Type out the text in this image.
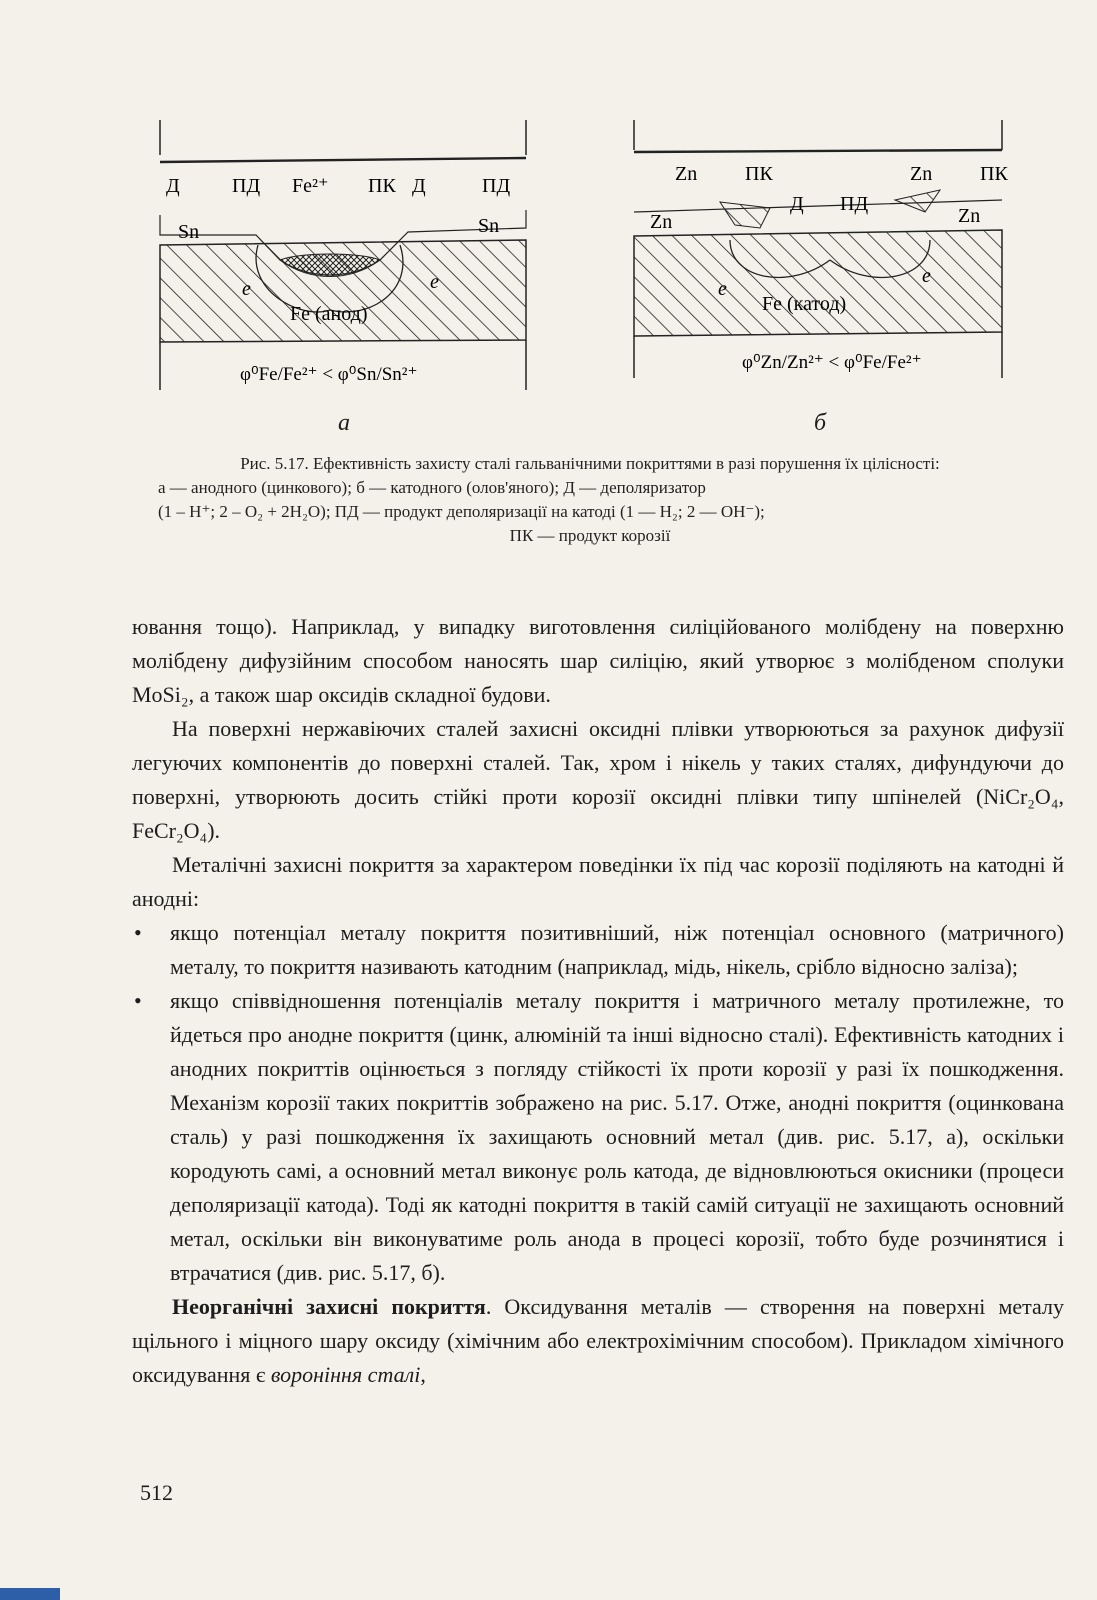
Д	ПД Fe²⁺ ПК Д	ПД
Sn	Sn
Fe (анод)
e	e
φ⁰Fe/Fe²⁺ < φ⁰Sn/Sn²⁺
Zn ПК	Zn ПК
Д ПД
Zn	Zn
Fe (катод)
e
e
φ⁰Zn/Zn²⁺ < φ⁰Fe/Fe²⁺
а	б
Рис. 5.17. Ефективність захисту сталі гальванічними покриттями в разі порушення їх цілісності:
а — анодного (цинкового); б — катодного (олов'яного); Д — деполяризатор
(1 – H⁺; 2 – O₂ + 2H₂O); ПД — продукт деполяризації на катоді (1 — H₂; 2 — OH⁻);
ПК — продукт корозії

ювання тощо). Наприклад, у випадку виготовлення силіційованого молібдену на поверхню молібдену дифузійним способом наносять шар силіцію, який утворює з молібденом сполуки MoSi₂, а також шар оксидів складної будови.

На поверхні нержавіючих сталей захисні оксидні плівки утворюються за рахунок дифузії легуючих компонентів до поверхні сталей. Так, хром і нікель у таких сталях, дифундуючи до поверхні, утворюють досить стійкі проти корозії оксидні плівки типу шпінелей (NiCr₂O₄, FeCr₂O₄).

Металічні захисні покриття за характером поведінки їх під час корозії поділяють на катодні й анодні:

• якщо потенціал металу покриття позитивніший, ніж потенціал основного (матричного) металу, то покриття називають катодним (наприклад, мідь, нікель, срібло відносно заліза);
• якщо співвідношення потенціалів металу покриття і матричного металу протилежне, то йдеться про анодне покриття (цинк, алюміній та інші відносно сталі). Ефективність катодних і анодних покриттів оцінюється з погляду стійкості їх проти корозії у разі їх пошкодження. Механізм корозії таких покриттів зображено на рис. 5.17. Отже, анодні покриття (оцинкована сталь) у разі пошкодження їх захищають основний метал (див. рис. 5.17, а), оскільки кородують самі, а основний метал виконує роль катода, де відновлюються окисники (процеси деполяризації катода). Тоді як катодні покриття в такій самій ситуації не захищають основний метал, оскільки він виконуватиме роль анода в процесі корозії, тобто буде розчинятися і втрачатися (див. рис. 5.17, б).

Неорганічні захисні покриття. Оксидування металів — створення на поверхні металу щільного і міцного шару оксиду (хімічним або електрохімічним способом). Прикладом хімічного оксидування є воронiння сталі,

512
